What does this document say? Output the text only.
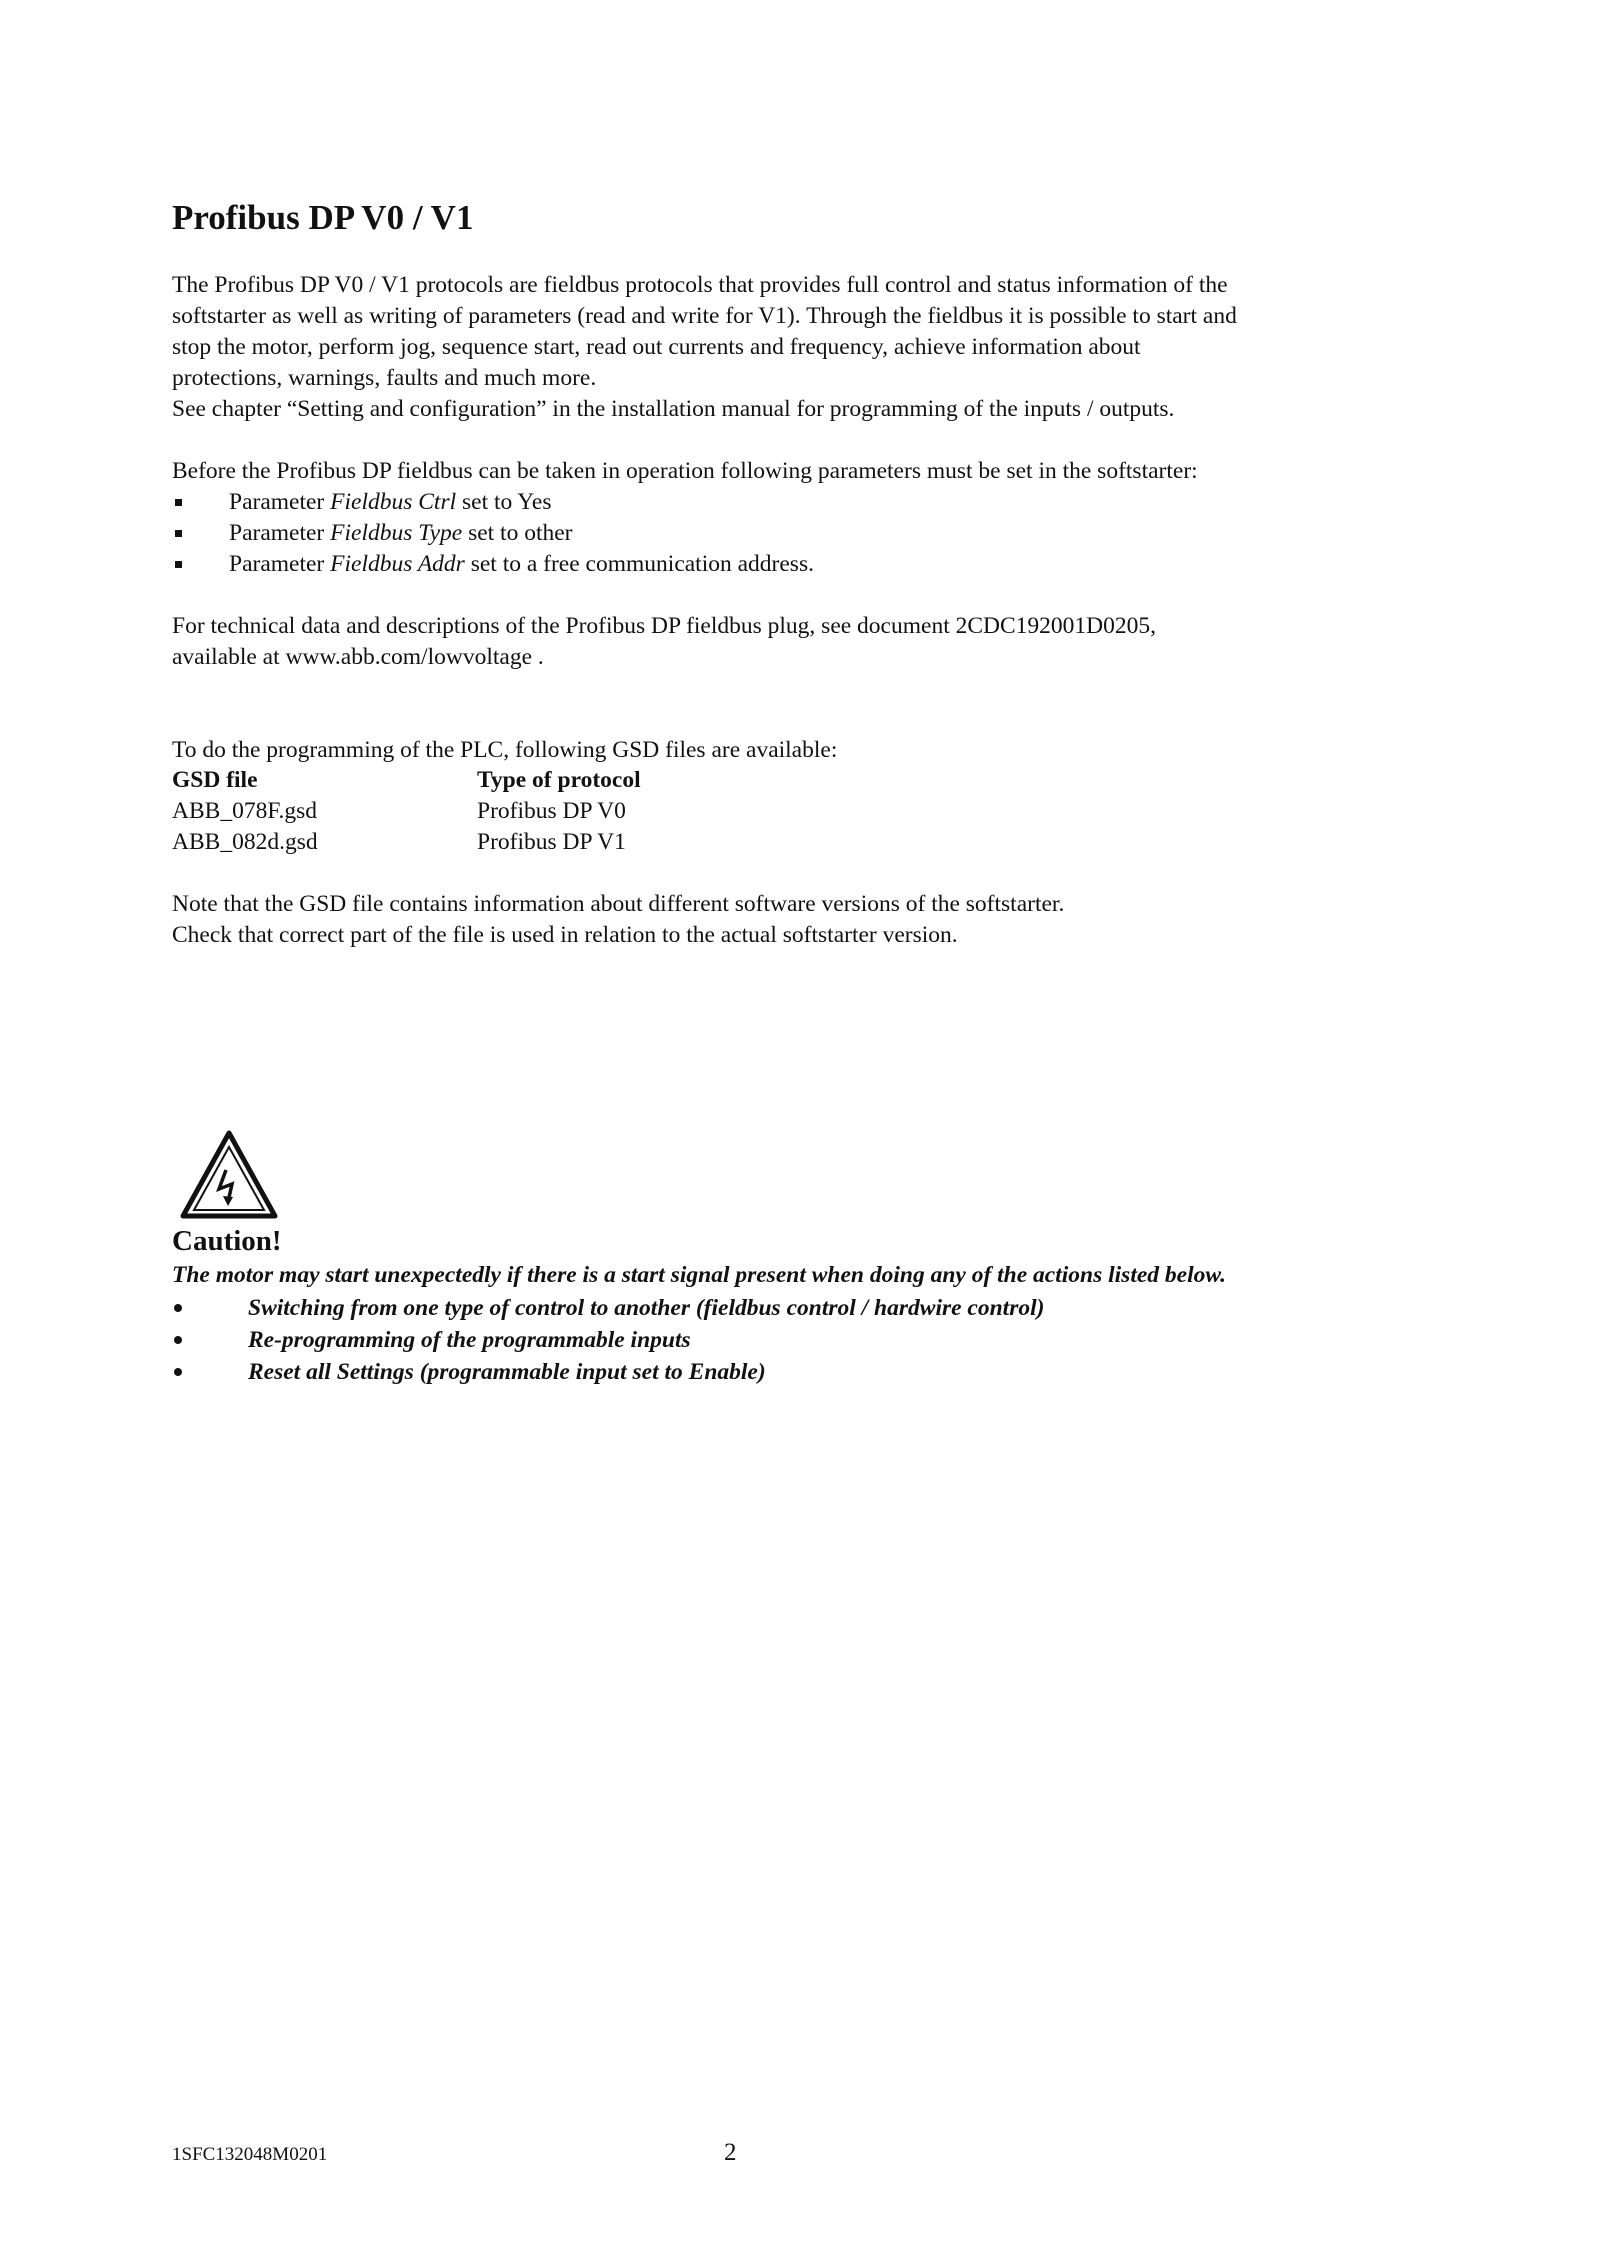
Profibus DP V0 / V1
The Profibus DP V0 / V1 protocols are fieldbus protocols that provides full control and status information of the
softstarter as well as writing of parameters (read and write for V1). Through the fieldbus it is possible to start and
stop the motor, perform jog, sequence start, read out currents and frequency, achieve information about
protections, warnings, faults and much more.
See chapter “Setting and configuration” in the installation manual for programming of the inputs / outputs.
Before the Profibus DP fieldbus can be taken in operation following parameters must be set in the softstarter:
Parameter Fieldbus Ctrl set to Yes
Parameter Fieldbus Type set to other
Parameter Fieldbus Addr set to a free communication address.
For technical data and descriptions of the Profibus DP fieldbus plug, see document 2CDC192001D0205,
available at www.abb.com/lowvoltage .
To do the programming of the PLC, following GSD files are available:
GSD file	Type of protocol
ABB_078F.gsd	Profibus DP V0
ABB_082d.gsd	Profibus DP V1
Note that the GSD file contains information about different software versions of the softstarter.
Check that correct part of the file is used in relation to the actual softstarter version.
Caution!
The motor may start unexpectedly if there is a start signal present when doing any of the actions listed below.
Switching from one type of control to another (fieldbus control / hardwire control)
Re-programming of the programmable inputs
Reset all Settings (programmable input set to Enable)
1SFC132048M0201	2
